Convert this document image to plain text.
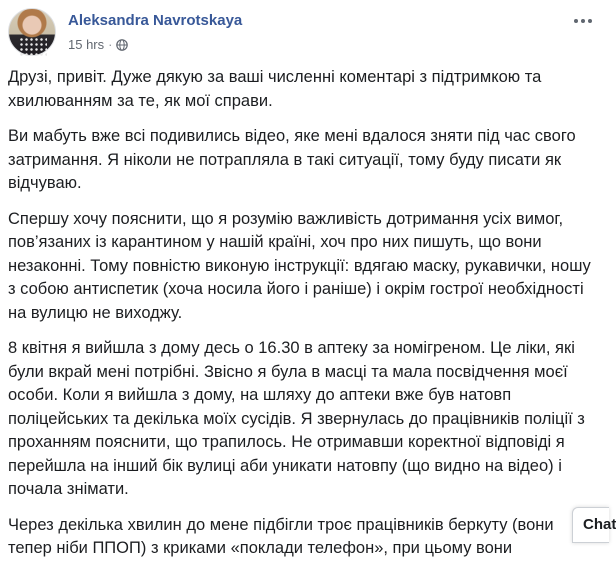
Aleksandra Navrotskaya
15 hrs ·

Друзі, привіт. Дуже дякую за ваші численні коментарі з підтримкою та хвилюванням за те, як мої справи.

Ви мабуть вже всі подивились відео, яке мені вдалося зняти під час свого затримання. Я ніколи не потрапляла в такі ситуації, тому буду писати як відчуваю.

Спершу хочу пояснити, що я розумію важливість дотримання усіх вимог, пов’язаних із карантином у нашій країні, хоч про них пишуть, що вони незаконні. Тому повністю виконую інструкції: вдягаю маску, рукавички, ношу з собою антиспетик (хоча носила його і раніше) і окрім гострої необхідності на вулицю не виходжу.

8 квітня я вийшла з дому десь о 16.30 в аптеку за номігреном. Це ліки, які були вкрай мені потрібні. Звісно я була в масці та мала посвідчення моєї особи. Коли я вийшла з дому, на шляху до аптеки вже був натовп поліцейських та декілька моїх сусідів. Я звернулась до працівників поліції з проханням пояснити, що трапилось. Не отримавши коректної відповіді я перейшла на інший бік вулиці аби уникати натовпу (що видно на відео) і почала знімати.

Через декілька хвилин до мене підбігли троє працівників беркуту (вони тепер ніби ППОП) з криками «поклади телефон», при цьому вони

Chat
